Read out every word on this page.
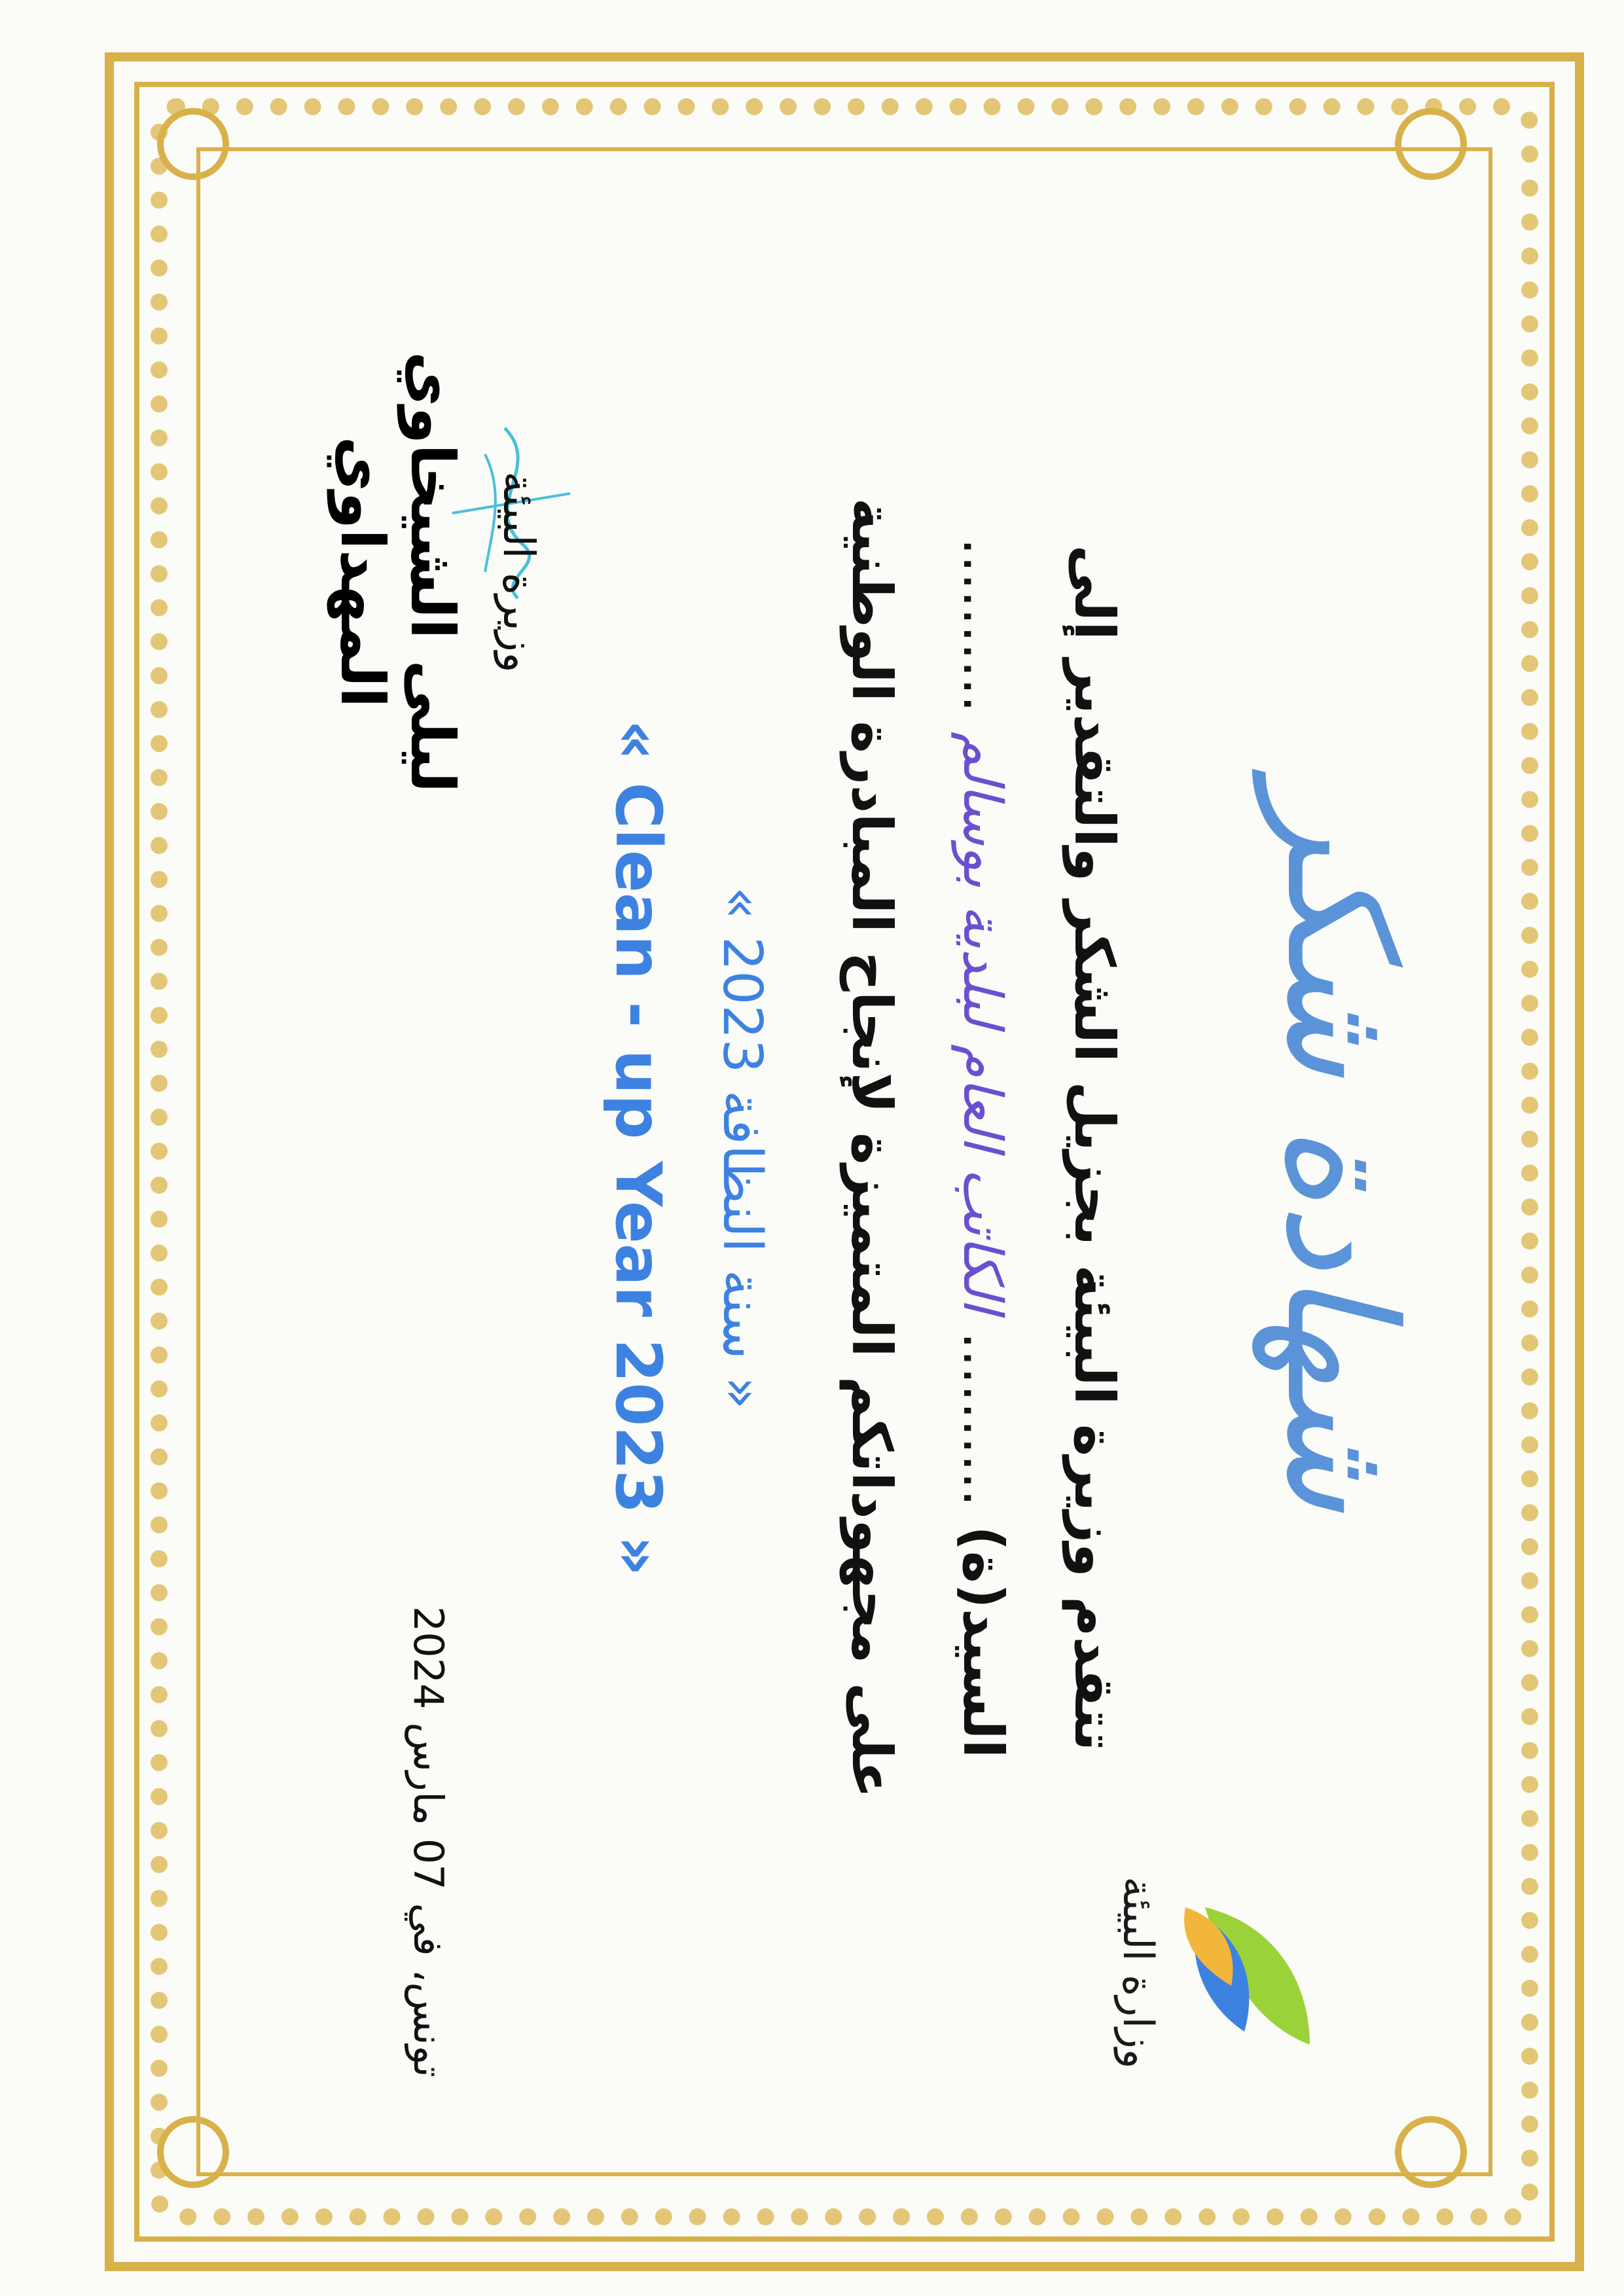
وزارة البيئة
شهادة شكر
تتقدم وزيرة البيئة بجزيل الشكر والتقدير إلى
السيد(ة) .......... الكاتب العام لبلدية بوسالم ..........
على مجهوداتكم المتميزة لإنجاح المبادرة الوطنية
« سنة النظافة 2023 »
« Clean - up Year 2023 »
تونس، في 07 مارس 2024
وزيرة البيئة
ليلى الشيخاوي المهداوي
